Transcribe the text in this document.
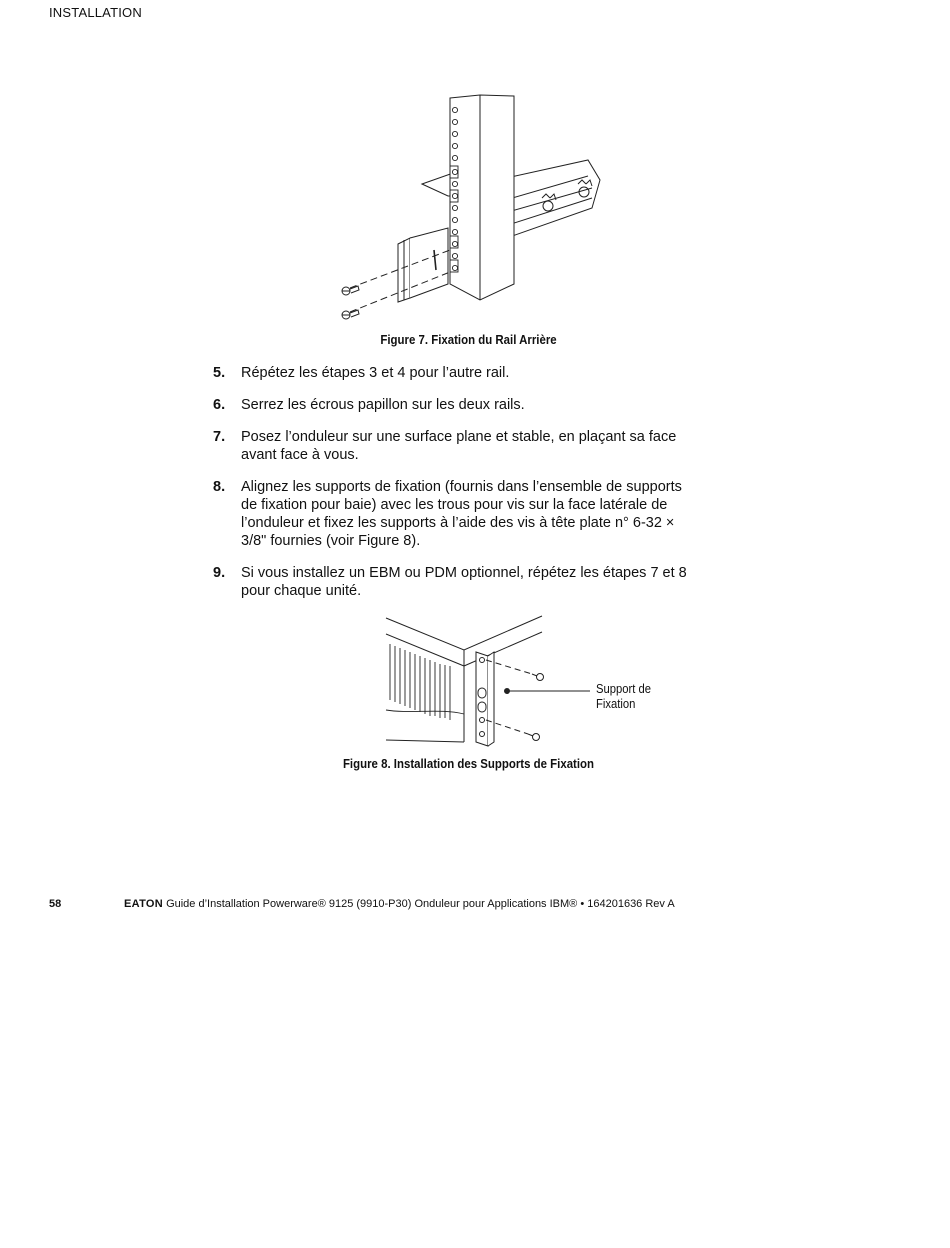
INSTALLATION
Figure 7. Fixation du Rail Arrière
5.	Répétez les étapes 3 et 4 pour l’autre rail.
6.	Serrez les écrous papillon sur les deux rails.
7.	Posez l’onduleur sur une surface plane et stable, en plaçant sa face avant face à vous.
8.	Alignez les supports de fixation (fournis dans l’ensemble de supports de fixation pour baie) avec les trous pour vis sur la face latérale de l’onduleur et fixez les supports à l’aide des vis à tête plate n° 6-32 × 3/8" fournies (voir Figure 8).
9.	Si vous installez un EBM ou PDM optionnel, répétez les étapes 7 et 8 pour chaque unité.
Support de
Fixation
Figure 8. Installation des Supports de Fixation
58	EATON Guide d’Installation Powerware® 9125 (9910-P30) Onduleur pour Applications IBM® • 164201636 Rev A
